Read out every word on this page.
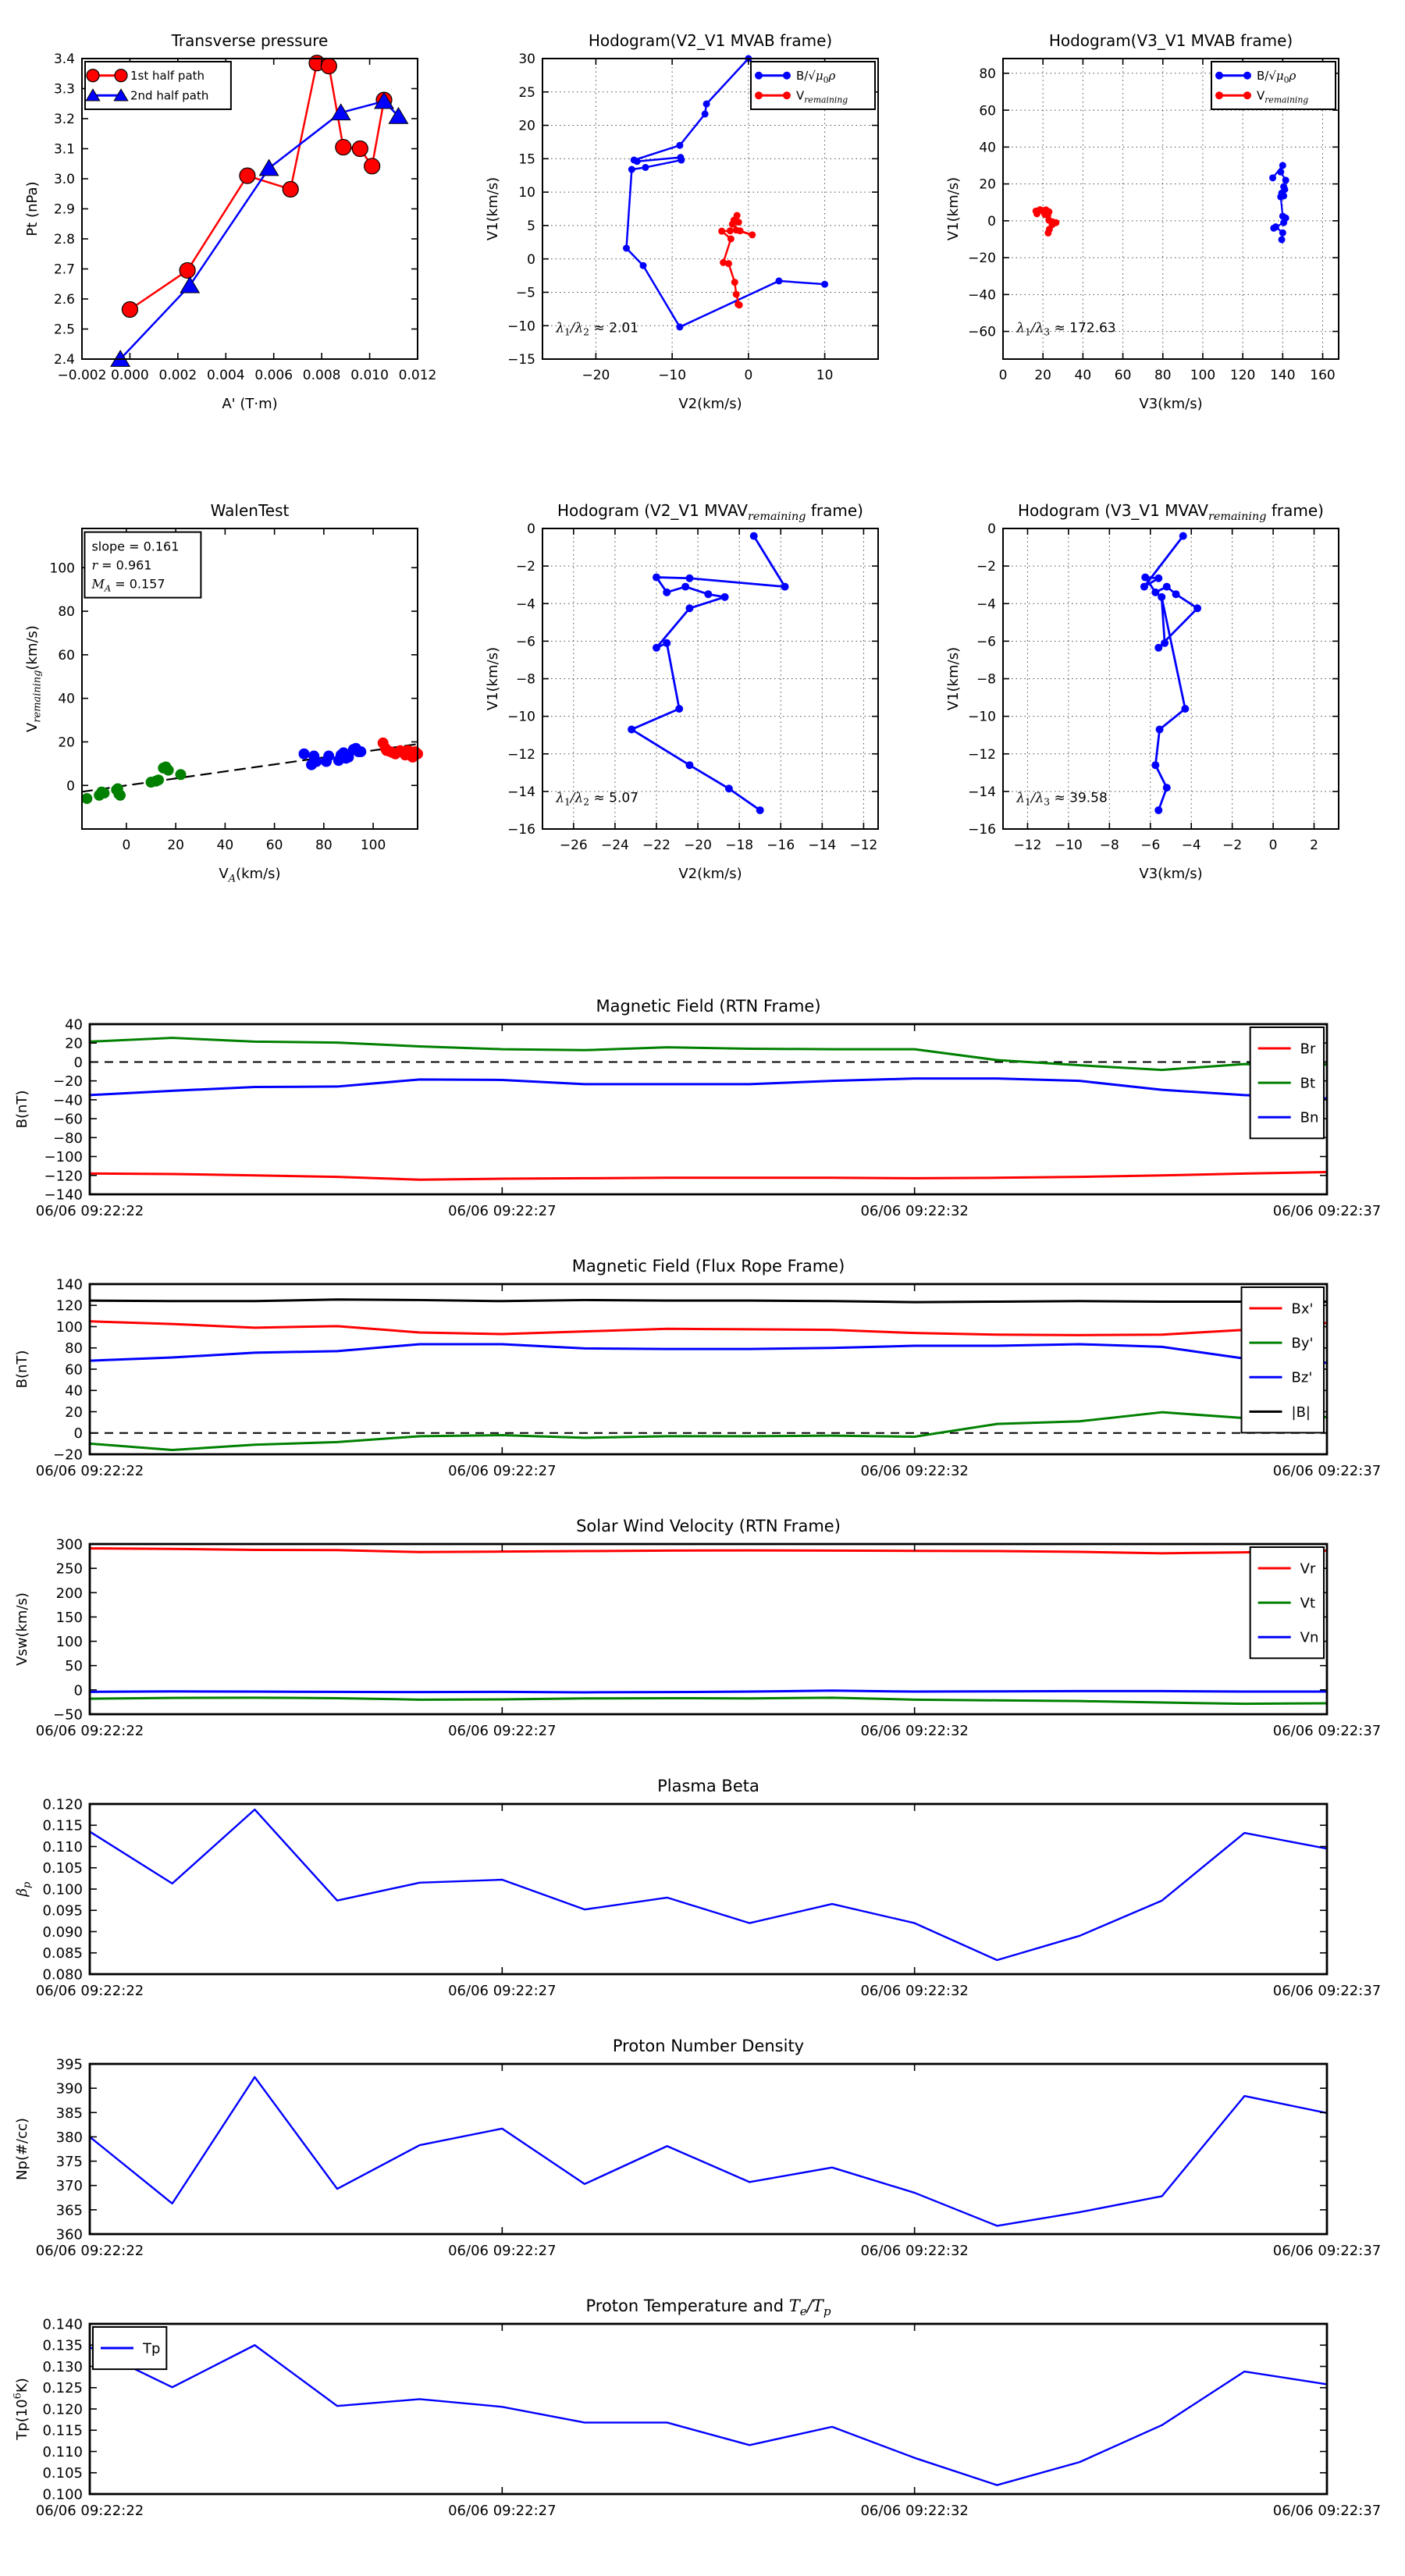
−0.002 0.000 0.002 0.004 0.006 0.008 0.010 0.012
2.4
2.5
2.6
2.7
2.8
2.9
3.0
3.1
3.2
3.3
3.4
Transverse pressure
A' (T·m)
Pt (nPa)
1st half path
2nd half path
−20	−10	0	10
−15
−10
−5
0
5
10
15
20
25
30
Hodogram(V2_V1 MVAB frame)
V2(km/s)
V1(km/s)
$B/√\mu_0\rho$
$V_{remaining}$
$\lambda_1/\lambda_2 \approx 2.01$
0 20 40 60 80 100 120 140 160
−60
−40
−20
0
20
40
60
80
Hodogram(V3_V1 MVAB frame)
V3(km/s)
V1(km/s)
$B/√\mu_0\rho$
$V_{remaining}$
$\lambda_1/\lambda_3 \approx 172.63$
0	20 40 60 80 100
0
20
40
60
80
100
WalenTest
$V_A(km/s)$
$V_{remaining}(km/s)$
slope = 0.161
r = 0.961
$M_A = 0.157$
−26 −24 −22 −20 −18 −16 −14 −12
−16
−14
−12
−10
−8
−6
−4
−2
0
Hodogram (V2_V1 $MVAV_{remaining}$ frame)
V2(km/s)
V1(km/s)
$\lambda_1/\lambda_2 \approx 5.07$
−12 −10 −8 −6 −4 −2 0 2
−16
−14
−12
−10
−8
−6
−4
−2
0
Hodogram (V3_V1 $MVAV_{remaining}$ frame)
V3(km/s)
V1(km/s)
$\lambda_1/\lambda_3 \approx 39.58$
06/06 09:22:22	06/06 09:22:27	06/06 09:22:32	06/06 09:22:37
−140
−120
−100
−80
−60
−40
−20
0
20
40
Magnetic Field (RTN Frame)
B(nT)
Br
Bt
Bn
06/06 09:22:22	06/06 09:22:27	06/06 09:22:32	06/06 09:22:37
−20
0
20
40
60
80
100
120
140
Magnetic Field (Flux Rope Frame)
B(nT)
Bx'
By'
Bz'
|B|
06/06 09:22:22	06/06 09:22:27	06/06 09:22:32	06/06 09:22:37
−50
0
50
100
150
200
250
300
Solar Wind Velocity (RTN Frame)
Vsw(km/s)
Vr
Vt
Vn
06/06 09:22:22	06/06 09:22:27	06/06 09:22:32	06/06 09:22:37
0.080
0.085
0.090
0.095
0.100
0.105
0.110
0.115
0.120
Plasma Beta
$\beta_p$
06/06 09:22:22	06/06 09:22:27	06/06 09:22:32	06/06 09:22:37
360
365
370
375
380
385
390
395
Proton Number Density
Np(#/cc)
06/06 09:22:22	06/06 09:22:27	06/06 09:22:32	06/06 09:22:37
0.100
0.105
0.110
0.115
0.120
0.125
0.130
0.135
0.140
Proton Temperature and $T_e/T_p$
$Tp(10^6K)$
Tp
